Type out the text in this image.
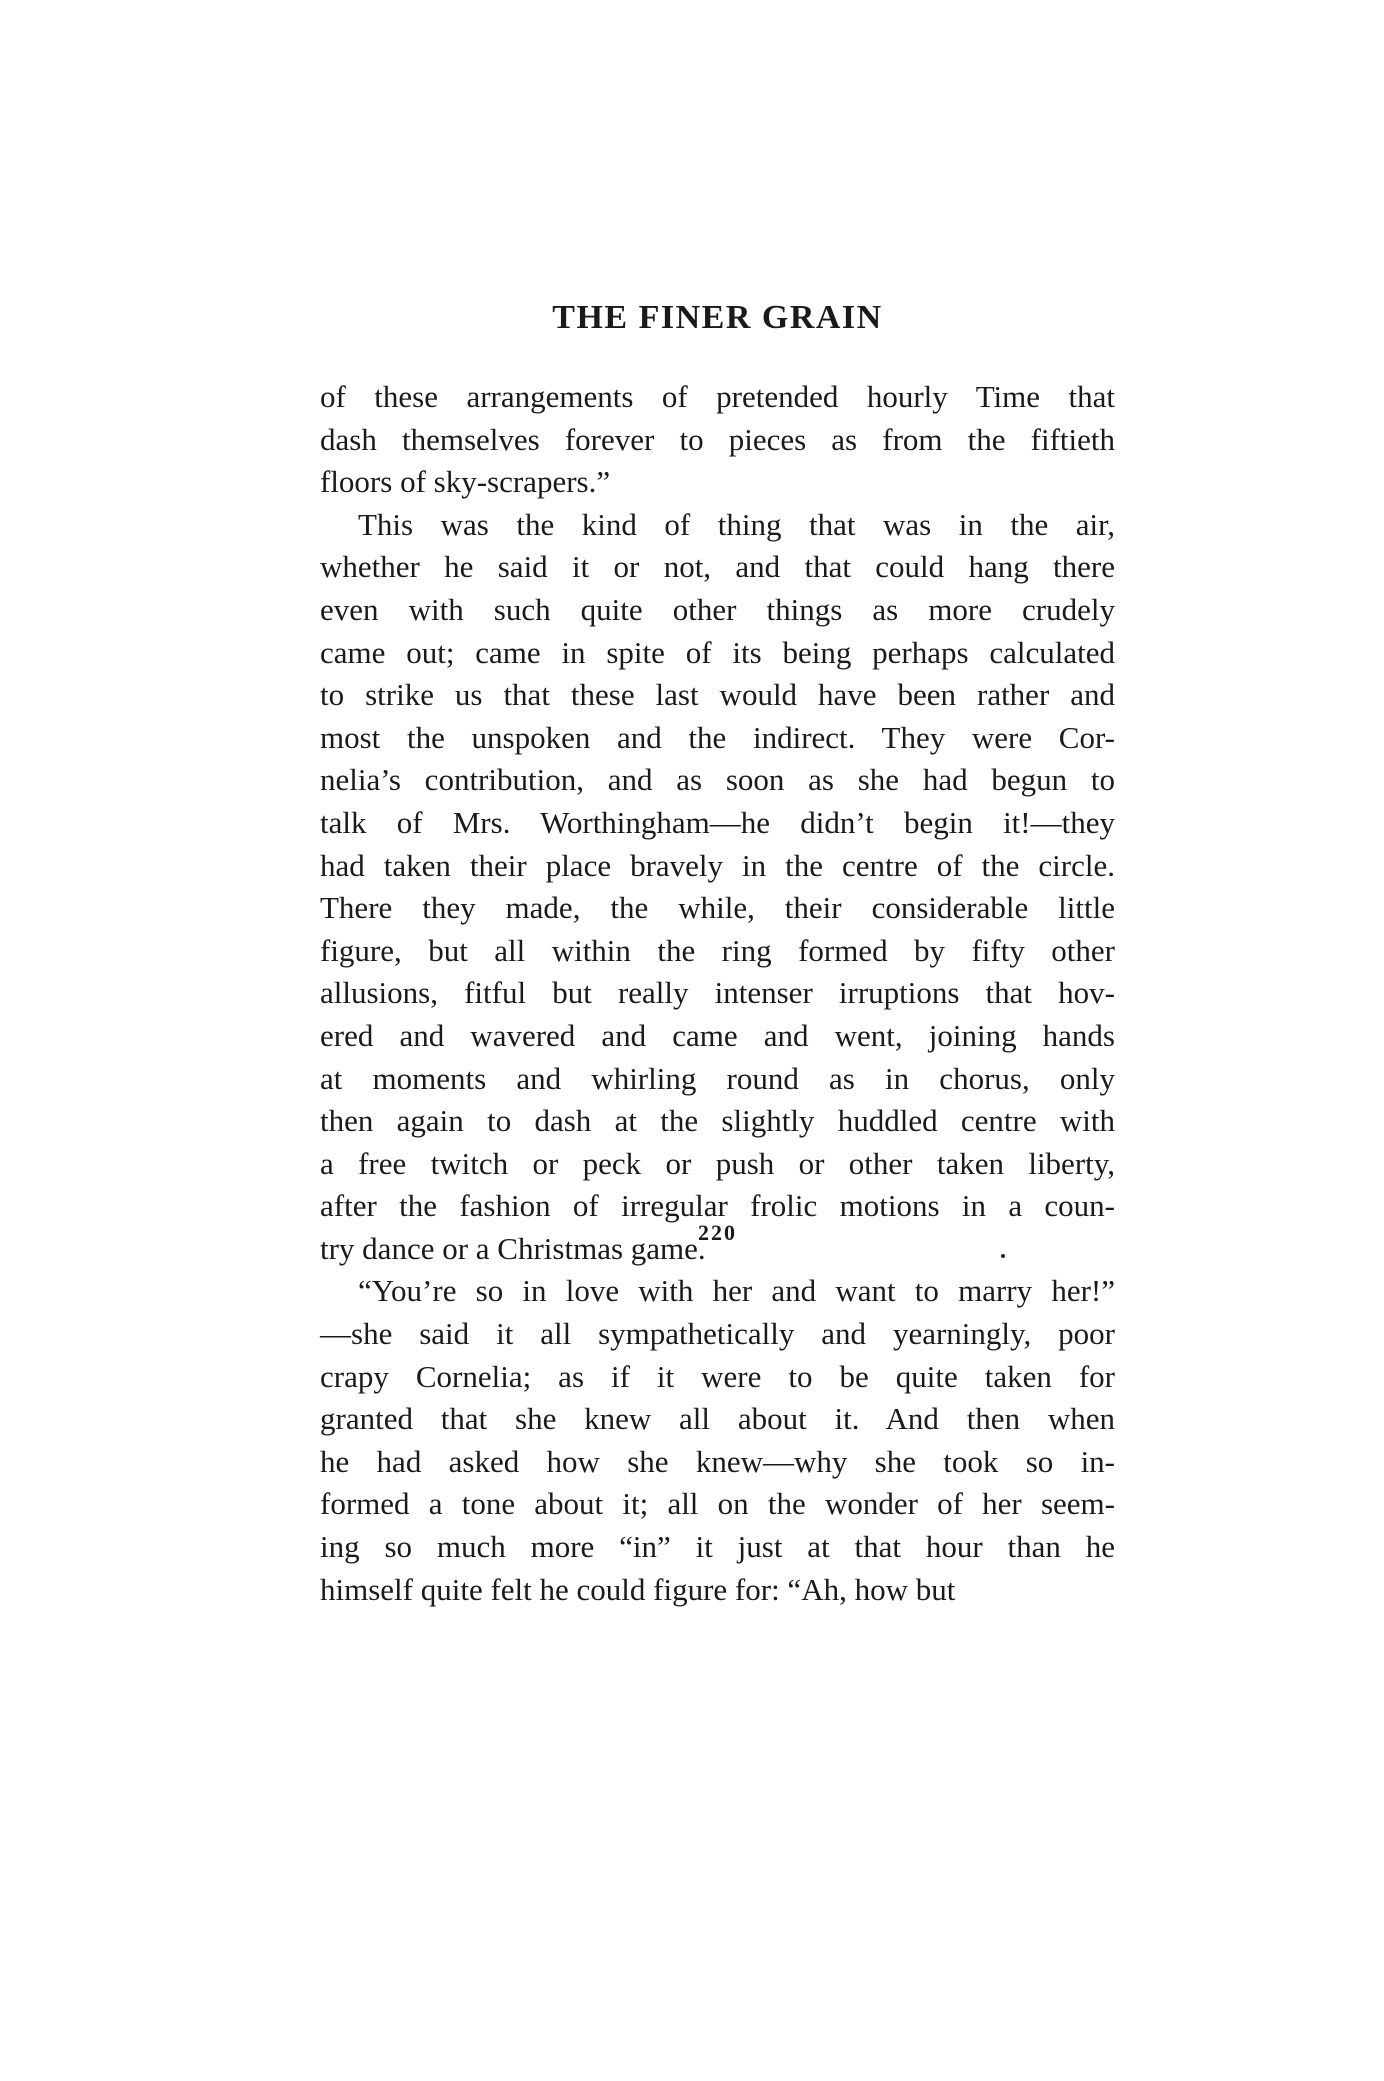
THE FINER GRAIN
of these arrangements of pretended hourly Time that
dash themselves forever to pieces as from the fiftieth
floors of sky-scrapers.”
This was the kind of thing that was in the air,
whether he said it or not, and that could hang there
even with such quite other things as more crudely
came out; came in spite of its being perhaps calculated
to strike us that these last would have been rather and
most the unspoken and the indirect. They were Cor-
nelia’s contribution, and as soon as she had begun to
talk of Mrs. Worthingham—he didn’t begin it!—they
had taken their place bravely in the centre of the circle.
There they made, the while, their considerable little
figure, but all within the ring formed by fifty other
allusions, fitful but really intenser irruptions that hov-
ered and wavered and came and went, joining hands
at moments and whirling round as in chorus, only
then again to dash at the slightly huddled centre with
a free twitch or peck or push or other taken liberty,
after the fashion of irregular frolic motions in a coun-
try dance or a Christmas game.
“You’re so in love with her and want to marry her!”
—she said it all sympathetically and yearningly, poor
crapy Cornelia; as if it were to be quite taken for
granted that she knew all about it. And then when
he had asked how she knew—why she took so in-
formed a tone about it; all on the wonder of her seem-
ing so much more “in” it just at that hour than he
himself quite felt he could figure for: “Ah, how but
220
